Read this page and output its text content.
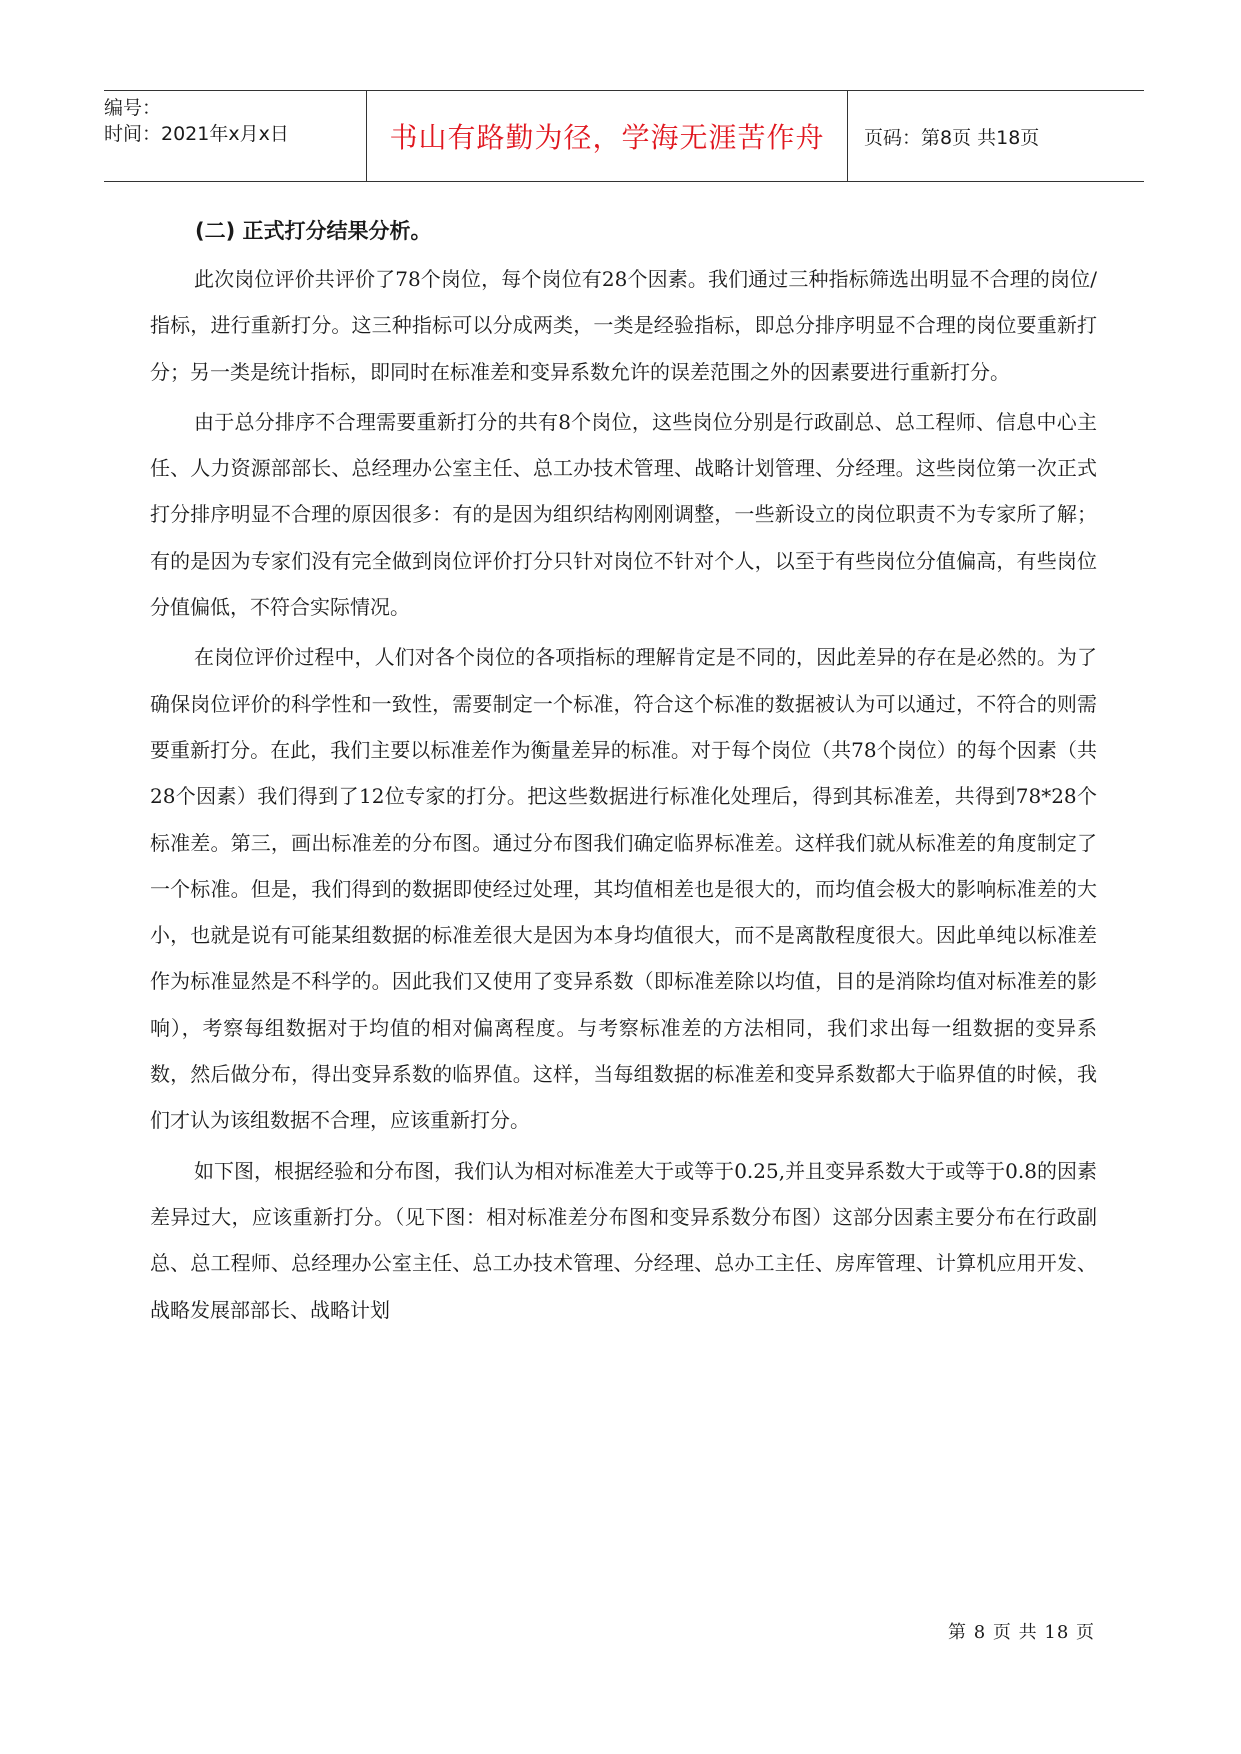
编号：
时间：2021年x月x日	书山有路勤为径，学海无涯苦作舟 页码：第8页 共18页
(二) 正式打分结果分析。

此次岗位评价共评价了78个岗位，每个岗位有28个因素。我们通过三种指标筛选出明显不合理的岗位/指标，进行重新打分。这三种指标可以分成两类，一类是经验指标，即总分排序明显不合理的岗位要重新打分；另一类是统计指标，即同时在标准差和变异系数允许的误差范围之外的因素要进行重新打分。

由于总分排序不合理需要重新打分的共有8个岗位，这些岗位分别是行政副总、总工程师、信息中心主任、人力资源部部长、总经理办公室主任、总工办技术管理、战略计划管理、分经理。这些岗位第一次正式打分排序明显不合理的原因很多：有的是因为组织结构刚刚调整，一些新设立的岗位职责不为专家所了解；有的是因为专家们没有完全做到岗位评价打分只针对岗位不针对个人，以至于有些岗位分值偏高，有些岗位分值偏低，不符合实际情况。

在岗位评价过程中，人们对各个岗位的各项指标的理解肯定是不同的，因此差异的存在是必然的。为了确保岗位评价的科学性和一致性，需要制定一个标准，符合这个标准的数据被认为可以通过，不符合的则需要重新打分。在此，我们主要以标准差作为衡量差异的标准。对于每个岗位（共78个岗位）的每个因素（共28个因素）我们得到了12位专家的打分。把这些数据进行标准化处理后，得到其标准差，共得到78*28个标准差。第三，画出标准差的分布图。通过分布图我们确定临界标准差。这样我们就从标准差的角度制定了一个标准。但是，我们得到的数据即使经过处理，其均值相差也是很大的，而均值会极大的影响标准差的大小，也就是说有可能某组数据的标准差很大是因为本身均值很大，而不是离散程度很大。因此单纯以标准差作为标准显然是不科学的。因此我们又使用了变异系数（即标准差除以均值，目的是消除均值对标准差的影响），考察每组数据对于均值的相对偏离程度。与考察标准差的方法相同，我们求出每一组数据的变异系数，然后做分布，得出变异系数的临界值。这样，当每组数据的标准差和变异系数都大于临界值的时候，我们才认为该组数据不合理，应该重新打分。

如下图，根据经验和分布图，我们认为相对标准差大于或等于0.25,并且变异系数大于或等于0.8的因素差异过大，应该重新打分。（见下图：相对标准差分布图和变异系数分布图）这部分因素主要分布在行政副总、总工程师、总经理办公室主任、总工办技术管理、分经理、总办工主任、房库管理、计算机应用开发、战略发展部部长、战略计划

第 8 页 共 18 页
